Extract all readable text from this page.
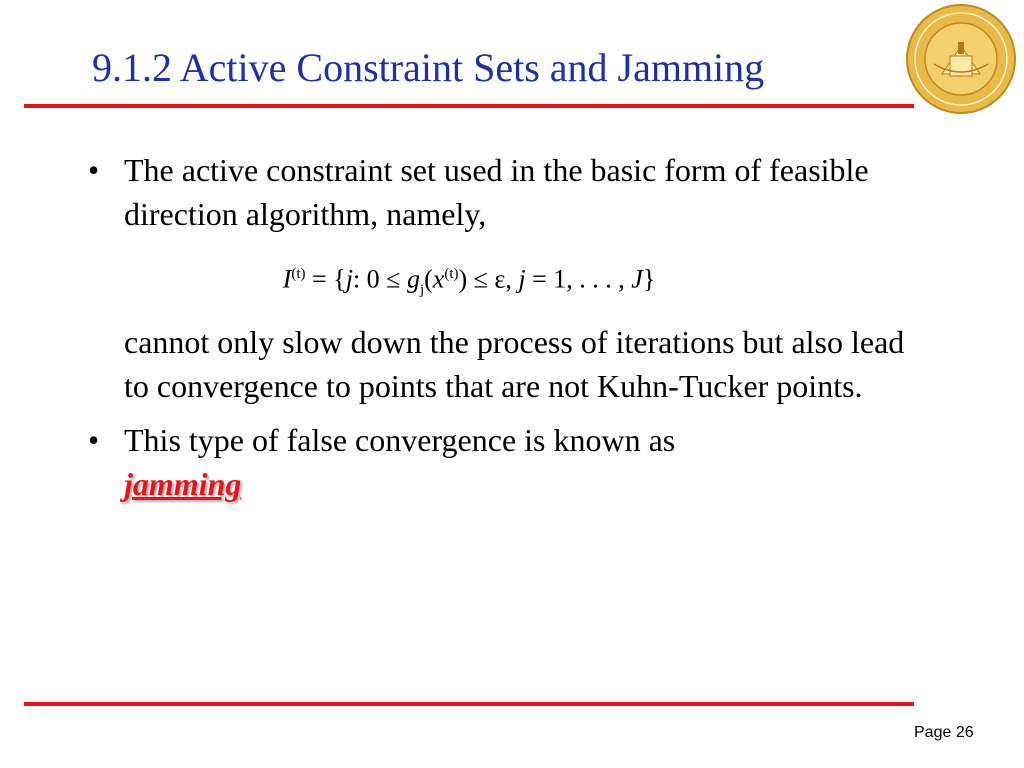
9.1.2 Active Constraint Sets and Jamming
• The active constraint set used in the basic form of feasible direction algorithm, namely,
$I^{(t)} = \{j$: $0 \le g_j(x^{(t)}) \le \varepsilon$, j = 1, . . . , J}
cannot only slow down the process of iterations but also lead to convergence to points that are not Kuhn-Tucker points.
• This type of false convergence is known as
jamming
Page 26
